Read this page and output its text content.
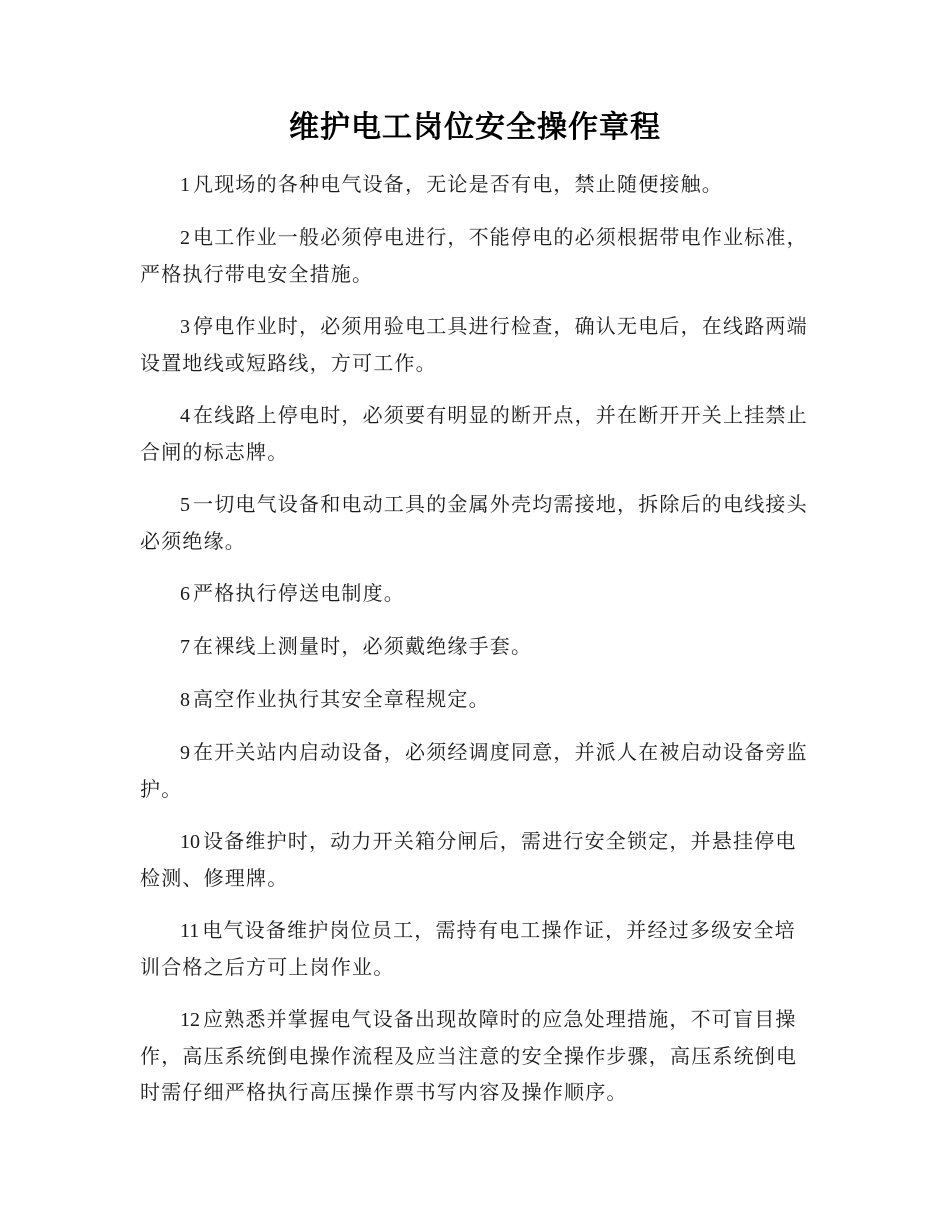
维护电工岗位安全操作章程

1 凡现场的各种电气设备，无论是否有电，禁止随便接触。

2 电工作业一般必须停电进行，不能停电的必须根据带电作业标准，严格执行带电安全措施。

3 停电作业时，必须用验电工具进行检查，确认无电后，在线路两端设置地线或短路线，方可工作。

4 在线路上停电时，必须要有明显的断开点，并在断开开关上挂禁止合闸的标志牌。

5 一切电气设备和电动工具的金属外壳均需接地，拆除后的电线接头必须绝缘。

6 严格执行停送电制度。

7 在裸线上测量时，必须戴绝缘手套。

8 高空作业执行其安全章程规定。

9 在开关站内启动设备，必须经调度同意，并派人在被启动设备旁监护。

10 设备维护时，动力开关箱分闸后，需进行安全锁定，并悬挂停电检测、修理牌。

11 电气设备维护岗位员工，需持有电工操作证，并经过多级安全培训合格之后方可上岗作业。

12 应熟悉并掌握电气设备出现故障时的应急处理措施，不可盲目操作，高压系统倒电操作流程及应当注意的安全操作步骤，高压系统倒电时需仔细严格执行高压操作票书写内容及操作顺序。
